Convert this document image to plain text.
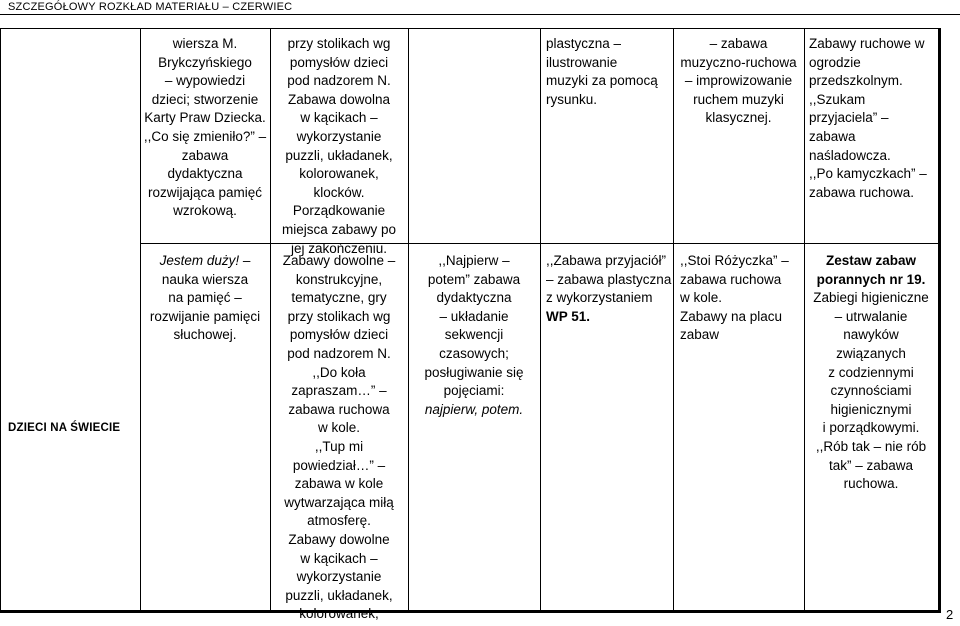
SZCZEGÓŁOWY ROZKŁAD MATERIAŁU – CZERWIEC
DZIECI NA ŚWIECIE
wiersza M.
Brykczyńskiego
– wypowiedzi
dzieci; stworzenie
Karty Praw Dziecka.
,,Co się zmieniło?” –
zabawa
dydaktyczna
rozwijająca pamięć
wzrokową.
Jestem duży! –
nauka wiersza
na pamięć –
rozwijanie pamięci
słuchowej.
przy stolikach wg
pomysłów dzieci
pod nadzorem N.
Zabawa dowolna
w kącikach –
wykorzystanie
puzzli, układanek,
kolorowanek,
klocków.
Porządkowanie
miejsca zabawy po
jej zakończeniu.
Zabawy dowolne –
konstrukcyjne,
tematyczne, gry
przy stolikach wg
pomysłów dzieci
pod nadzorem N.
,,Do koła
zapraszam…” –
zabawa ruchowa
w kole.
,,Tup mi
powiedział…” –
zabawa w kole
wytwarzająca miłą
atmosferę.
Zabawy dowolne
w kącikach –
wykorzystanie
puzzli, układanek,
kolorowanek,
,,Najpierw –
potem” zabawa
dydaktyczna
– układanie
sekwencji
czasowych;
posługiwanie się
pojęciami:
najpierw, potem.
plastyczna –
ilustrowanie
muzyki za pomocą
rysunku.
,,Zabawa przyjaciół”
– zabawa plastyczna
z wykorzystaniem
WP 51.
– zabawa
muzyczno-ruchowa
– improwizowanie
ruchem muzyki
klasycznej.
,,Stoi Różyczka” –
zabawa ruchowa
w kole.
Zabawy na placu
zabaw
Zabawy ruchowe w
ogrodzie
przedszkolnym.
,,Szukam
przyjaciela” –
zabawa
naśladowcza.
,,Po kamyczkach” –
zabawa ruchowa.
Zestaw zabaw
porannych nr 19.
Zabiegi higieniczne
– utrwalanie
nawyków
związanych
z codziennymi
czynnościami
higienicznymi
i porządkowymi.
,,Rób tak – nie rób
tak” – zabawa
ruchowa.
2
